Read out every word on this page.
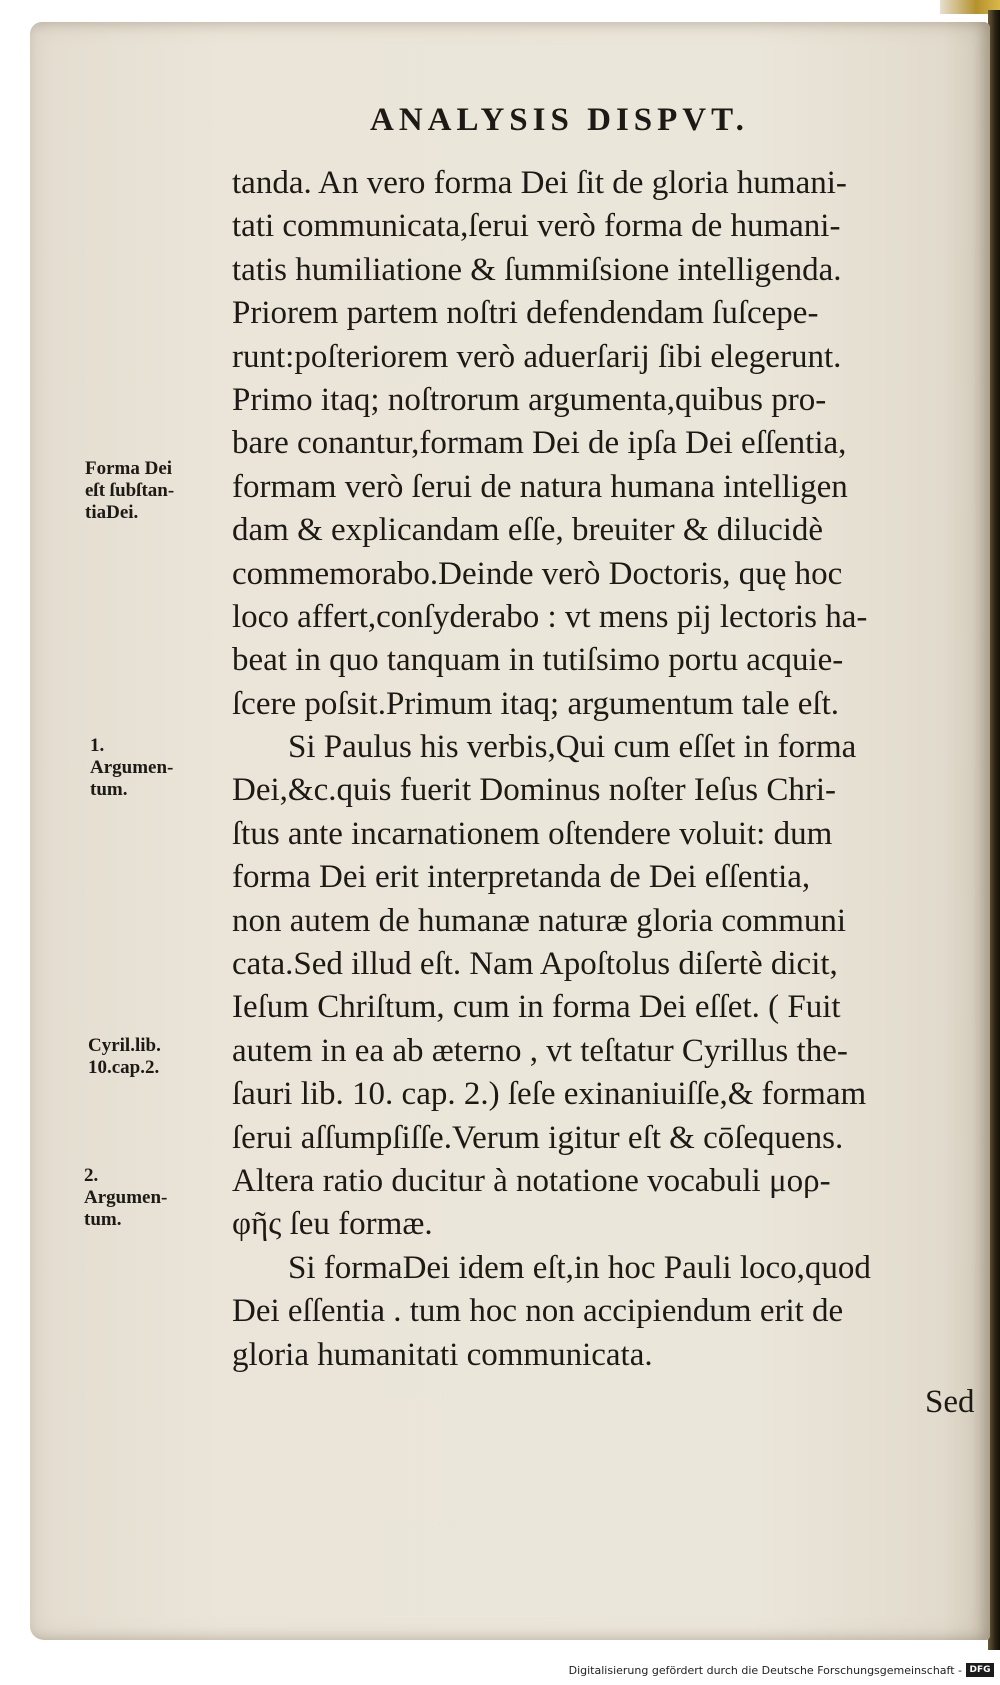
ANALYSIS DISPVT.
tanda. An vero forma Dei ſit de gloria humani-
tati communicata,ſerui verò forma de humani-
tatis humiliatione & ſummiſsione intelligenda.
Priorem partem noſtri defendendam ſuſcepe-
runt:poſteriorem verò aduerſarij ſibi elegerunt.
Primo itaq; noſtrorum argumenta,quibus pro-
bare conantur,formam Dei de ipſa Dei eſſentia,
formam verò ſerui de natura humana intelligen
dam & explicandam eſſe, breuiter & dilucidè
commemorabo.Deinde verò Doctoris, quę hoc
loco affert,conſyderabo : vt mens pij lectoris ha-
beat in quo tanquam in tutiſsimo portu acquie-
ſcere poſsit.Primum itaq; argumentum tale eſt.
Si Paulus his verbis,Qui cum eſſet in forma
Dei,&c.quis fuerit Dominus noſter Ieſus Chri-
ſtus ante incarnationem oſtendere voluit: dum
forma Dei erit interpretanda de Dei eſſentia,
non autem de humanæ naturæ gloria communi
cata.Sed illud eſt. Nam Apoſtolus diſertè dicit,
Ieſum Chriſtum, cum in forma Dei eſſet. ( Fuit
autem in ea ab æterno , vt teſtatur Cyrillus the-
ſauri lib. 10. cap. 2.) ſeſe exinaniuiſſe,& formam
ſerui aſſumpſiſſe.Verum igitur eſt & cōſequens.
Altera ratio ducitur à notatione vocabuli μορ-
φῆς ſeu formæ.
Si formaDei idem eſt,in hoc Pauli loco,quod
Dei eſſentia . tum hoc non accipiendum erit de
gloria humanitati communicata.
Forma Dei
eſt ſubſtan-
tiaDei.
1.
Argumen-
tum.
Cyril.lib.
10.cap.2.
2.
Argumen-
tum.
Sed
Digitalisierung gefördert durch die Deutsche Forschungsgemeinschaft - DFG
